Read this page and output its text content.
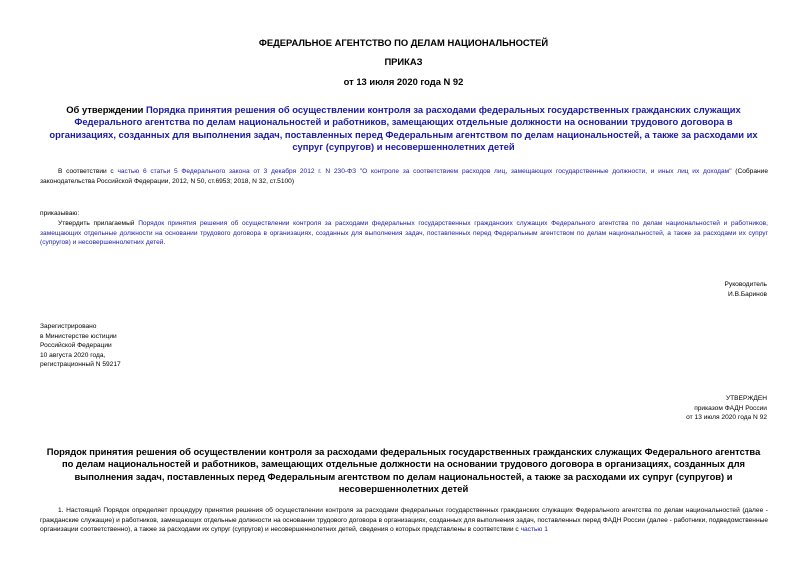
ФЕДЕРАЛЬНОЕ АГЕНТСТВО ПО ДЕЛАМ НАЦИОНАЛЬНОСТЕЙ
ПРИКАЗ
от 13 июля 2020 года N 92
Об утверждении Порядка принятия решения об осуществлении контроля за расходами федеральных государственных гражданских служащих Федерального агентства по делам национальностей и работников, замещающих отдельные должности на основании трудового договора в организациях, созданных для выполнения задач, поставленных перед Федеральным агентством по делам национальностей, а также за расходами их супруг (супругов) и несовершеннолетних детей
В соответствии с частью 6 статьи 5 Федерального закона от 3 декабря 2012 г. N 230-ФЗ "О контроле за соответствием расходов лиц, замещающих государственные должности, и иных лиц их доходам" (Собрание законодательства Российской Федерации, 2012, N 50, ст.6953; 2018, N 32, ст.5100)
приказываю:
Утвердить прилагаемый Порядок принятия решения об осуществлении контроля за расходами федеральных государственных гражданских служащих Федерального агентства по делам национальностей и работников, замещающих отдельные должности на основании трудового договора в организациях, созданных для выполнения задач, поставленных перед Федеральным агентством по делам национальностей, а также за расходами их супруг (супругов) и несовершеннолетних детей.
Руководитель
И.В.Баринов
Зарегистрировано
в Министерстве юстиции
Российской Федерации
10 августа 2020 года,
регистрационный N 59217
УТВЕРЖДЕН
приказом ФАДН России
от 13 июля 2020 года N 92
Порядок принятия решения об осуществлении контроля за расходами федеральных государственных гражданских служащих Федерального агентства по делам национальностей и работников, замещающих отдельные должности на основании трудового договора в организациях, созданных для выполнения задач, поставленных перед Федеральным агентством по делам национальностей, а также за расходами их супруг (супругов) и несовершеннолетних детей
1. Настоящий Порядок определяет процедуру принятия решения об осуществлении контроля за расходами федеральных государственных гражданских служащих Федерального агентства по делам национальностей (далее - гражданские служащие) и работников, замещающих отдельные должности на основании трудового договора в организациях, созданных для выполнения задач, поставленных перед ФАДН России (далее - работники, подведомственные организации соответственно), а также за расходами их супруг (супругов) и несовершеннолетних детей, сведения о которых представлены в соответствии с частью 1
